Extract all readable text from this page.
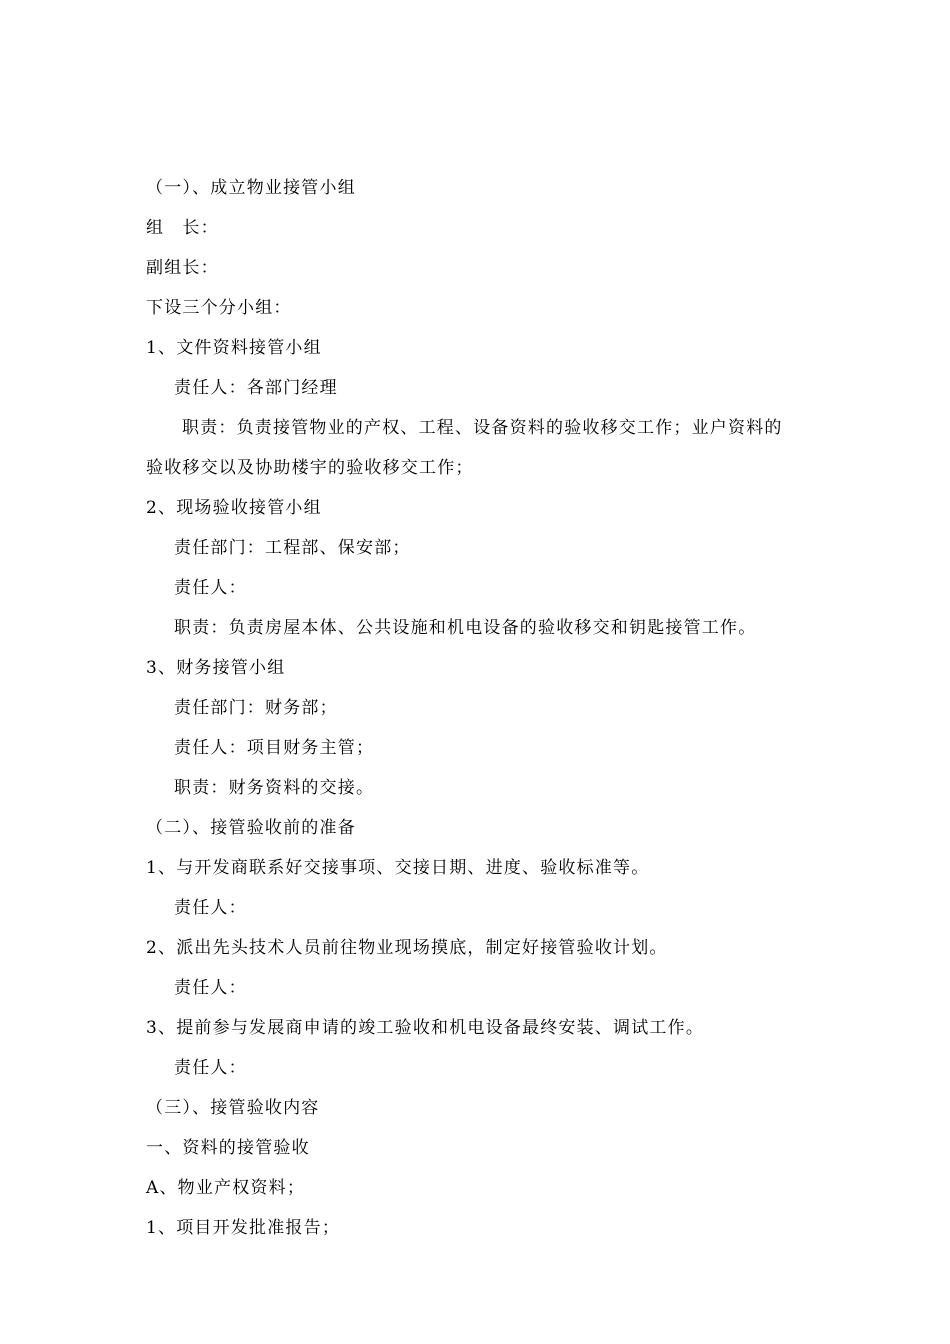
（一）、成立物业接管小组
组　长：
副组长：
下设三个分小组：
1、文件资料接管小组
责任人：各部门经理
职责：负责接管物业的产权、工程、设备资料的验收移交工作；业户资料的
验收移交以及协助楼宇的验收移交工作；
2、现场验收接管小组
责任部门：工程部、保安部；
责任人：
职责：负责房屋本体、公共设施和机电设备的验收移交和钥匙接管工作。
3、财务接管小组
责任部门：财务部；
责任人：项目财务主管；
职责：财务资料的交接。
（二）、接管验收前的准备
1、与开发商联系好交接事项、交接日期、进度、验收标准等。
责任人：
2、派出先头技术人员前往物业现场摸底，制定好接管验收计划。
责任人：
3、提前参与发展商申请的竣工验收和机电设备最终安装、调试工作。
责任人：
（三）、接管验收内容
一、资料的接管验收
A、物业产权资料；
1、项目开发批准报告；
